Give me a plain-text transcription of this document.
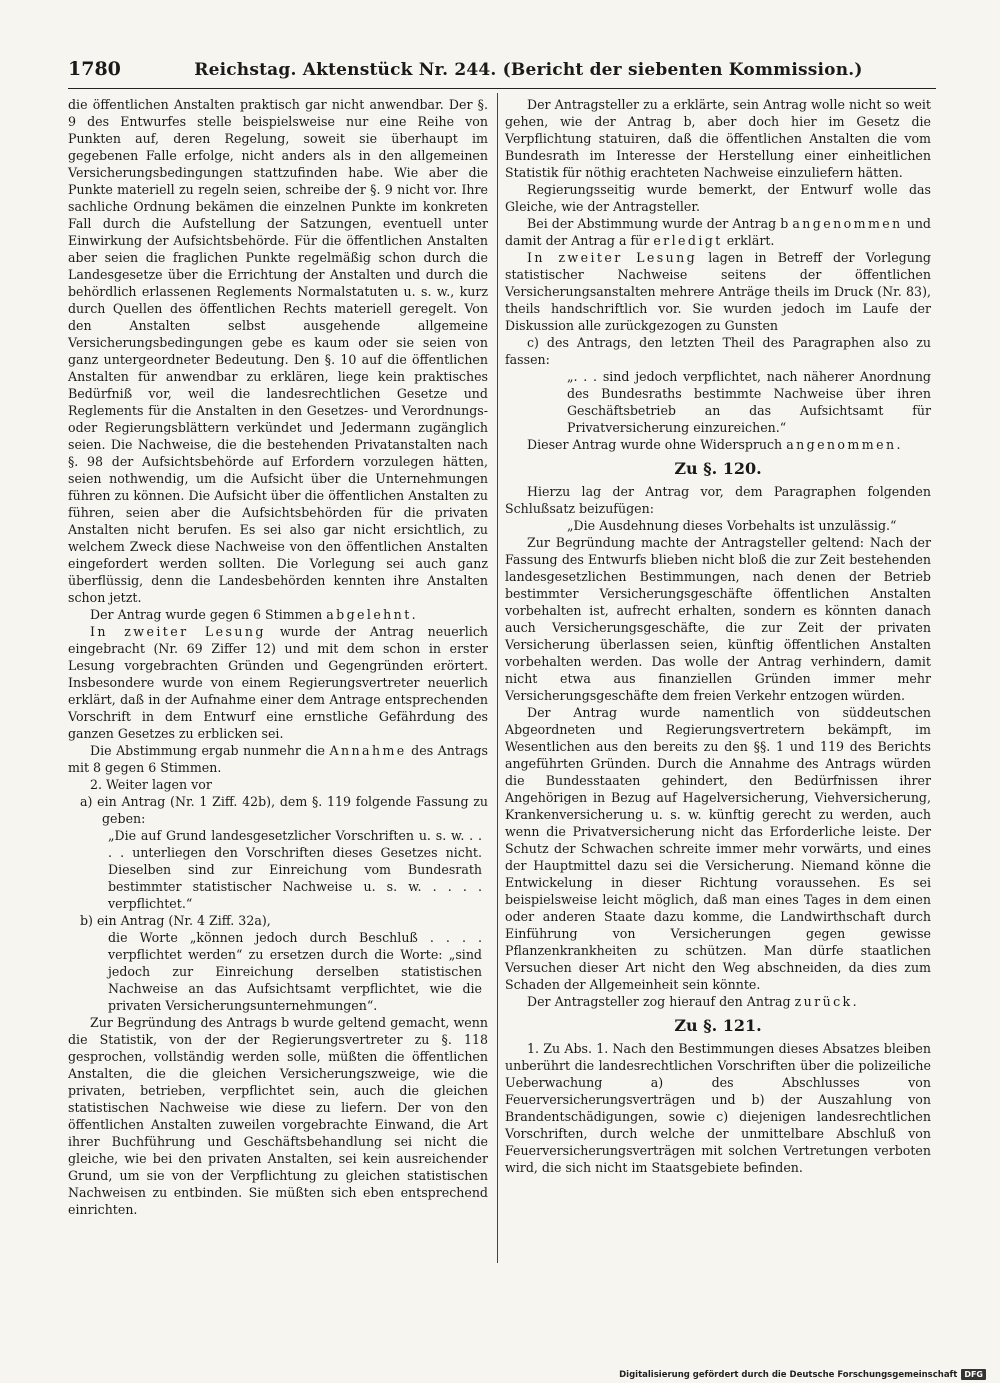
1780	Reichstag. Aktenstück Nr. 244. (Bericht der siebenten Kommission.)

die öffentlichen Anstalten praktisch gar nicht anwendbar. Der §. 9 des Entwurfes stelle beispielsweise nur eine Reihe von Punkten auf, deren Regelung, soweit sie überhaupt im gegebenen Falle erfolge, nicht anders als in den allgemeinen Versicherungsbedingungen stattzufinden habe. Wie aber die Punkte materiell zu regeln seien, schreibe der §. 9 nicht vor. Ihre sachliche Ordnung bekämen die einzelnen Punkte im konkreten Fall durch die Aufstellung der Satzungen, eventuell unter Einwirkung der Aufsichtsbehörde. Für die öffentlichen Anstalten aber seien die fraglichen Punkte regelmäßig schon durch die Landesgesetze über die Errichtung der Anstalten und durch die behördlich erlassenen Reglements Normalstatuten u. s. w., kurz durch Quellen des öffentlichen Rechts materiell geregelt. Von den Anstalten selbst ausgehende allgemeine Versicherungsbedingungen gebe es kaum oder sie seien von ganz untergeordneter Bedeutung. Den §. 10 auf die öffentlichen Anstalten für anwendbar zu erklären, liege kein praktisches Bedürfniß vor, weil die landesrechtlichen Gesetze und Reglements für die Anstalten in den Gesetzes- und Verordnungs- oder Regierungsblättern verkündet und Jedermann zugänglich seien. Die Nachweise, die die bestehenden Privatanstalten nach §. 98 der Aufsichtsbehörde auf Erfordern vorzulegen hätten, seien nothwendig, um die Aufsicht über die Unternehmungen führen zu können. Die Aufsicht über die öffentlichen Anstalten zu führen, seien aber die Aufsichtsbehörden für die privaten Anstalten nicht berufen. Es sei also gar nicht ersichtlich, zu welchem Zweck diese Nachweise von den öffentlichen Anstalten eingefordert werden sollten. Die Vorlegung sei auch ganz überflüssig, denn die Landesbehörden kennten ihre Anstalten schon jetzt.

Der Antrag wurde gegen 6 Stimmen abgelehnt.

In zweiter Lesung wurde der Antrag neuerlich eingebracht (Nr. 69 Ziffer 12) und mit dem schon in erster Lesung vorgebrachten Gründen und Gegengründen erörtert. Insbesondere wurde von einem Regierungsvertreter neuerlich erklärt, daß in der Aufnahme einer dem Antrage entsprechenden Vorschrift in dem Entwurf eine ernstliche Gefährdung des ganzen Gesetzes zu erblicken sei.

Die Abstimmung ergab nunmehr die Annahme des Antrags mit 8 gegen 6 Stimmen.

2. Weiter lagen vor

a) ein Antrag (Nr. 1 Ziff. 42b), dem §. 119 folgende Fassung zu geben:

„Die auf Grund landesgesetzlicher Vorschriften u. s. w. . . . . unterliegen den Vorschriften dieses Gesetzes nicht. Dieselben sind zur Einreichung vom Bundesrath bestimmter statistischer Nachweise u. s. w. . . . . verpflichtet.“

b) ein Antrag (Nr. 4 Ziff. 32a),

die Worte „können jedoch durch Beschluß . . . . verpflichtet werden“ zu ersetzen durch die Worte: „sind jedoch zur Einreichung derselben statistischen Nachweise an das Aufsichtsamt verpflichtet, wie die privaten Versicherungsunternehmungen“.

Zur Begründung des Antrags b wurde geltend gemacht, wenn die Statistik, von der der Regierungsvertreter zu §. 118 gesprochen, vollständig werden solle, müßten die öffentlichen Anstalten, die die gleichen Versicherungszweige, wie die privaten, betrieben, verpflichtet sein, auch die gleichen statistischen Nachweise wie diese zu liefern. Der von den öffentlichen Anstalten zuweilen vorgebrachte Einwand, die Art ihrer Buchführung und Geschäftsbehandlung sei nicht die gleiche, wie bei den privaten Anstalten, sei kein ausreichender Grund, um sie von der Verpflichtung zu gleichen statistischen Nachweisen zu entbinden. Sie müßten sich eben entsprechend einrichten.

Der Antragsteller zu a erklärte, sein Antrag wolle nicht so weit gehen, wie der Antrag b, aber doch hier im Gesetz die Verpflichtung statuiren, daß die öffentlichen Anstalten die vom Bundesrath im Interesse der Herstellung einer einheitlichen Statistik für nöthig erachteten Nachweise einzuliefern hätten.

Regierungsseitig wurde bemerkt, der Entwurf wolle das Gleiche, wie der Antragsteller.

Bei der Abstimmung wurde der Antrag b angenommen und damit der Antrag a für erledigt erklärt.

In zweiter Lesung lagen in Betreff der Vorlegung statistischer Nachweise seitens der öffentlichen Versicherungsanstalten mehrere Anträge theils im Druck (Nr. 83), theils handschriftlich vor. Sie wurden jedoch im Laufe der Diskussion alle zurückgezogen zu Gunsten

c) des Antrags, den letzten Theil des Paragraphen also zu fassen:

„. . . sind jedoch verpflichtet, nach näherer Anordnung des Bundesraths bestimmte Nachweise über ihren Geschäftsbetrieb an das Aufsichtsamt für Privatversicherung einzureichen.“

Dieser Antrag wurde ohne Widerspruch angenommen.

Zu §. 120.

Hierzu lag der Antrag vor, dem Paragraphen folgenden Schlußsatz beizufügen:

„Die Ausdehnung dieses Vorbehalts ist unzulässig.“

Zur Begründung machte der Antragsteller geltend: Nach der Fassung des Entwurfs blieben nicht bloß die zur Zeit bestehenden landesgesetzlichen Bestimmungen, nach denen der Betrieb bestimmter Versicherungsgeschäfte öffentlichen Anstalten vorbehalten ist, aufrecht erhalten, sondern es könnten danach auch Versicherungsgeschäfte, die zur Zeit der privaten Versicherung überlassen seien, künftig öffentlichen Anstalten vorbehalten werden. Das wolle der Antrag verhindern, damit nicht etwa aus finanziellen Gründen immer mehr Versicherungsgeschäfte dem freien Verkehr entzogen würden.

Der Antrag wurde namentlich von süddeutschen Abgeordneten und Regierungsvertretern bekämpft, im Wesentlichen aus den bereits zu den §§. 1 und 119 des Berichts angeführten Gründen. Durch die Annahme des Antrags würden die Bundesstaaten gehindert, den Bedürfnissen ihrer Angehörigen in Bezug auf Hagelversicherung, Viehversicherung, Krankenversicherung u. s. w. künftig gerecht zu werden, auch wenn die Privatversicherung nicht das Erforderliche leiste. Der Schutz der Schwachen schreite immer mehr vorwärts, und eines der Hauptmittel dazu sei die Versicherung. Niemand könne die Entwickelung in dieser Richtung voraussehen. Es sei beispielsweise leicht möglich, daß man eines Tages in dem einen oder anderen Staate dazu komme, die Landwirthschaft durch Einführung von Versicherungen gegen gewisse Pflanzenkrankheiten zu schützen. Man dürfe staatlichen Versuchen dieser Art nicht den Weg abschneiden, da dies zum Schaden der Allgemeinheit sein könnte.

Der Antragsteller zog hierauf den Antrag zurück.

Zu §. 121.

1. Zu Abs. 1. Nach den Bestimmungen dieses Absatzes bleiben unberührt die landesrechtlichen Vorschriften über die polizeiliche Ueberwachung a) des Abschlusses von Feuerversicherungsverträgen und b) der Auszahlung von Brandentschädigungen, sowie c) diejenigen landesrechtlichen Vorschriften, durch welche der unmittelbare Abschluß von Feuerversicherungsverträgen mit solchen Vertretungen verboten wird, die sich nicht im Staatsgebiete befinden.

Digitalisierung gefördert durch die Deutsche Forschungsgemeinschaft DFG
